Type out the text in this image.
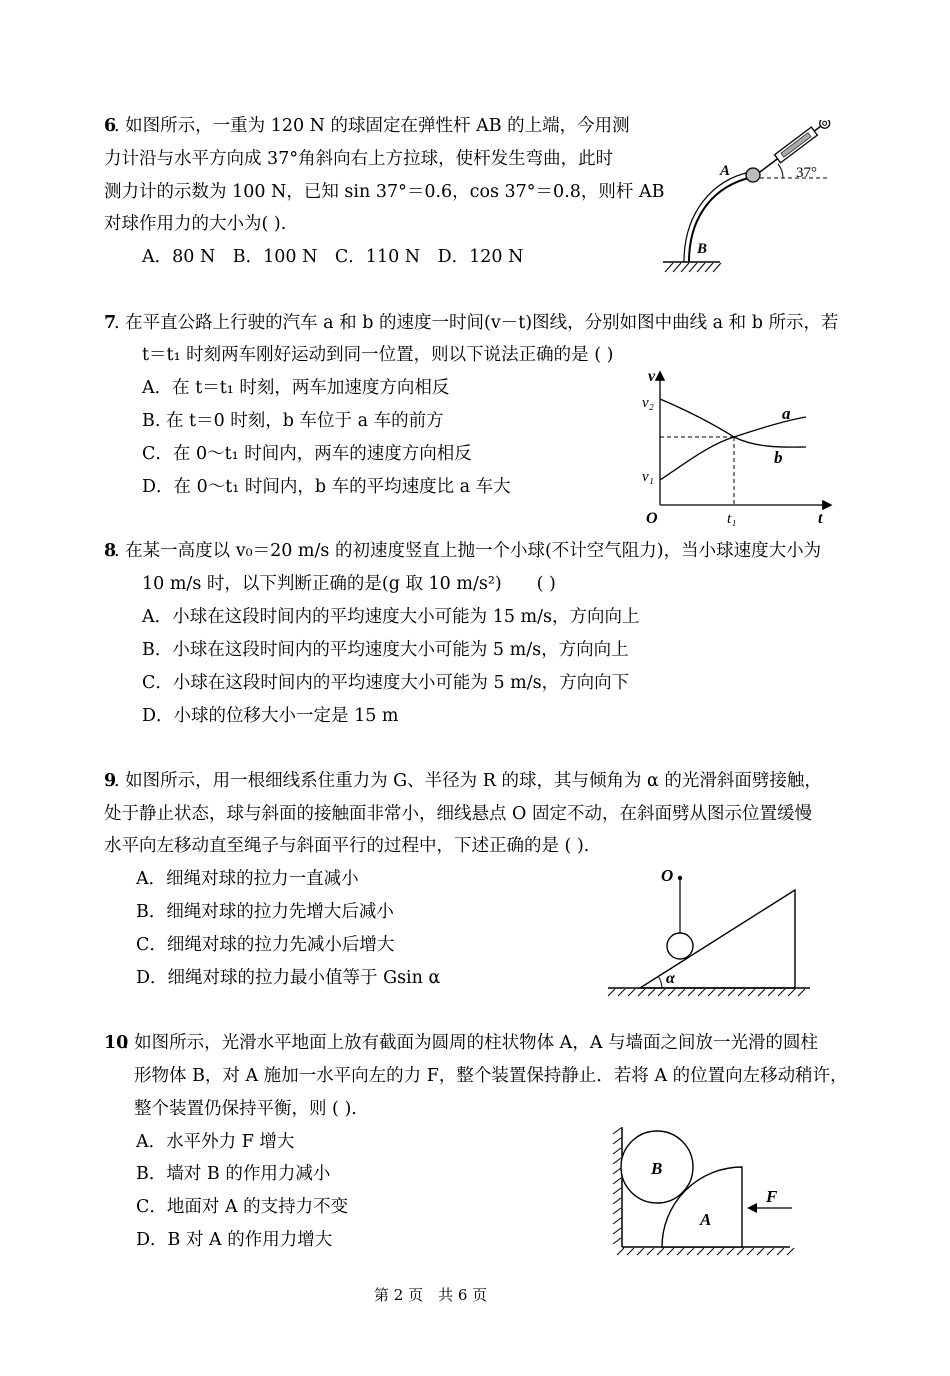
6
. 如图所示，一重为 120 N 的球固定在弹性杆 AB 的上端，今用测
力计沿与水平方向成 37°角斜向右上方拉球，使杆发生弯曲，此时
测力计的示数为 100 N，已知 sin 37°＝0.6，cos 37°＝0.8，则杆 AB
对球作用力的大小为( ).
A．80 N　B．100 N　C．110 N　D．120 N
A
B
37°
7
. 在平直公路上行驶的汽车 a 和 b 的速度一时间(v－t)图线，分别如图中曲线 a 和 b 所示，若
t＝t₁ 时刻两车刚好运动到同一位置，则以下说法正确的是 ( )
A．在 t＝t₁ 时刻，两车加速度方向相反
B. 在 t＝0 时刻，b 车位于 a 车的前方
C．在 0～t₁ 时间内，两车的速度方向相反
D．在 0～t₁ 时间内，b 车的平均速度比 a 车大
v
t
O
v₂
v₁
t₁
a
b
8
. 在某一高度以 v₀＝20 m/s 的初速度竖直上抛一个小球(不计空气阻力)，当小球速度大小为
10 m/s 时，以下判断正确的是(g 取 10 m/s²)　　( )
A．小球在这段时间内的平均速度大小可能为 15 m/s，方向向上
B．小球在这段时间内的平均速度大小可能为 5 m/s，方向向上
C．小球在这段时间内的平均速度大小可能为 5 m/s，方向向下
D．小球的位移大小一定是 15 m
9
. 如图所示，用一根细线系住重力为 G、半径为 R 的球，其与倾角为 α 的光滑斜面劈接触，
处于静止状态，球与斜面的接触面非常小，细线悬点 O 固定不动，在斜面劈从图示位置缓慢
水平向左移动直至绳子与斜面平行的过程中，下述正确的是 ( ).
A．细绳对球的拉力一直减小
B．细绳对球的拉力先增大后减小
C．细绳对球的拉力先减小后增大
D．细绳对球的拉力最小值等于 Gsin α
O
α
10
. 如图所示，光滑水平地面上放有截面为圆周的柱状物体 A，A 与墙面之间放一光滑的圆柱
形物体 B，对 A 施加一水平向左的力 F，整个装置保持静止．若将 A 的位置向左移动稍许，
整个装置仍保持平衡，则 ( ).
A．水平外力 F 增大
B．墙对 B 的作用力减小
C．地面对 A 的支持力不变
D．B 对 A 的作用力增大
B
A
F
第 2 页　共 6 页
